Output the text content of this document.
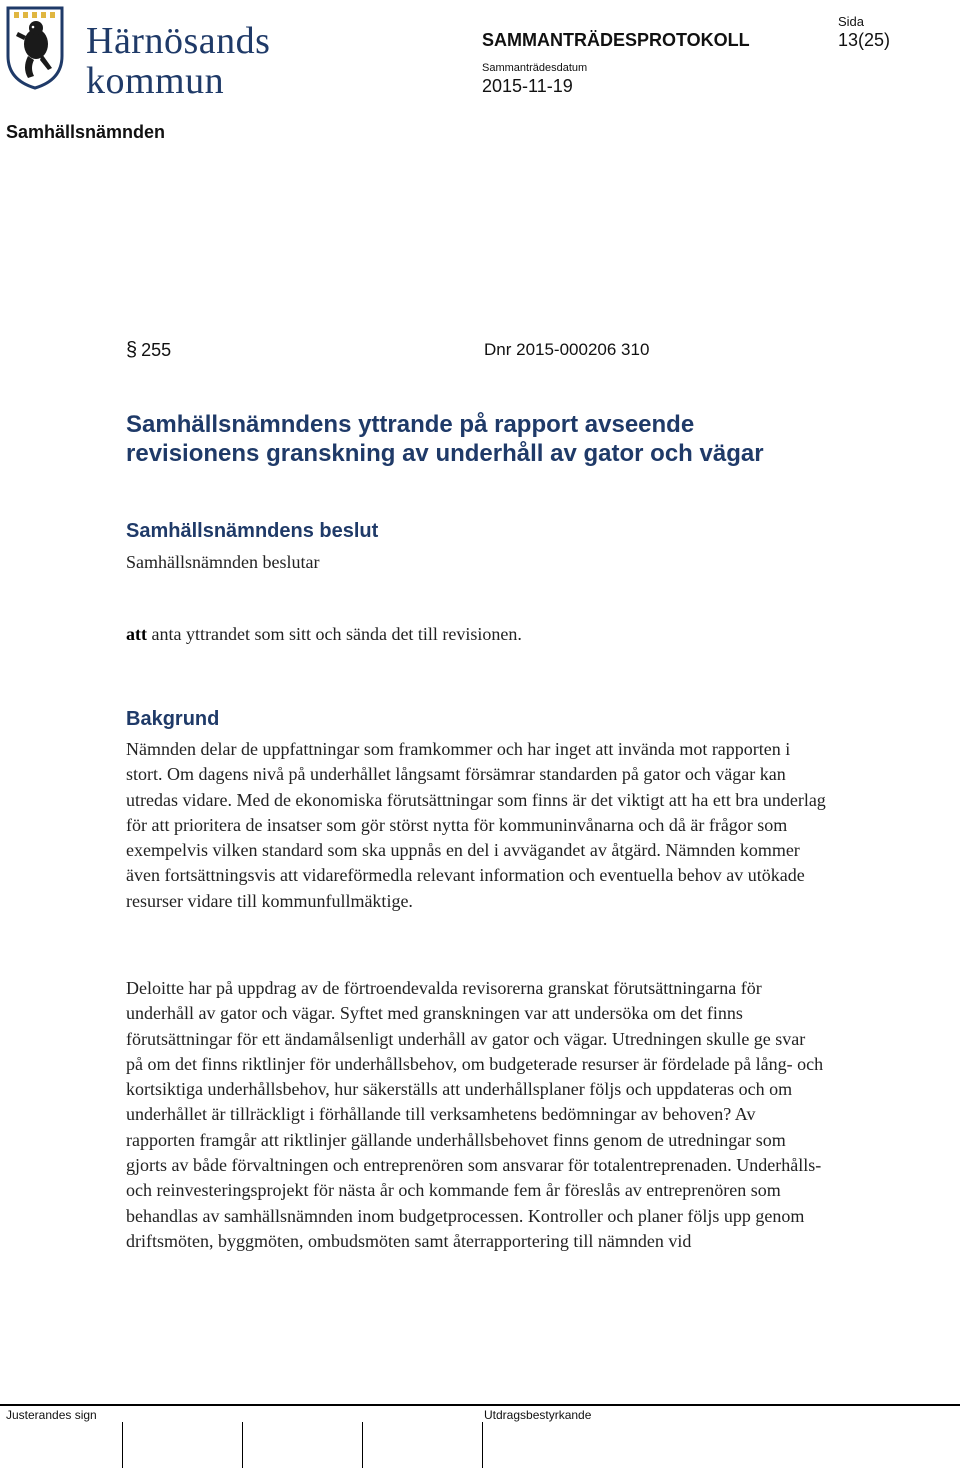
Härnösands
kommun
SAMMANTRÄDESPROTOKOLL
Sammanträdesdatum
2015-11-19
Sida
13(25)
Samhällsnämnden
§ 255	Dnr 2015-000206 310
Samhällsnämndens yttrande på rapport avseende revisionens granskning av underhåll av gator och vägar
Samhällsnämndens beslut
Samhällsnämnden beslutar
att anta yttrandet som sitt och sända det till revisionen.
Bakgrund

Nämnden delar de uppfattningar som framkommer och har inget att invända mot rapporten i stort. Om dagens nivå på underhållet långsamt försämrar standarden på gator och vägar kan utredas vidare. Med de ekonomiska förutsättningar som finns är det viktigt att ha ett bra underlag för att prioritera de insatser som gör störst nytta för kommuninvånarna och då är frågor som exempelvis vilken standard som ska uppnås en del i avvägandet av åtgärd. Nämnden kommer även fortsättningsvis att vidareförmedla relevant information och eventuella behov av utökade resurser vidare till kommunfullmäktige.

Deloitte har på uppdrag av de förtroendevalda revisorerna granskat förutsättningarna för underhåll av gator och vägar. Syftet med granskningen var att undersöka om det finns förutsättningar för ett ändamålsenligt underhåll av gator och vägar. Utredningen skulle ge svar på om det finns riktlinjer för underhållsbehov, om budgeterade resurser är fördelade på lång- och kortsiktiga underhållsbehov, hur säkerställs att underhållsplaner följs och uppdateras och om underhållet är tillräckligt i förhållande till verksamhetens bedömningar av behoven? Av rapporten framgår att riktlinjer gällande underhållsbehovet finns genom de utredningar som gjorts av både förvaltningen och entreprenören som ansvarar för totalentreprenaden. Underhålls- och reinvesteringsprojekt för nästa år och kommande fem år föreslås av entreprenören som behandlas av samhällsnämnden inom budgetprocessen. Kontroller och planer följs upp genom driftsmöten, byggmöten, ombudsmöten samt återrapportering till nämnden vid

Justerandes sign	Utdragsbestyrkande
